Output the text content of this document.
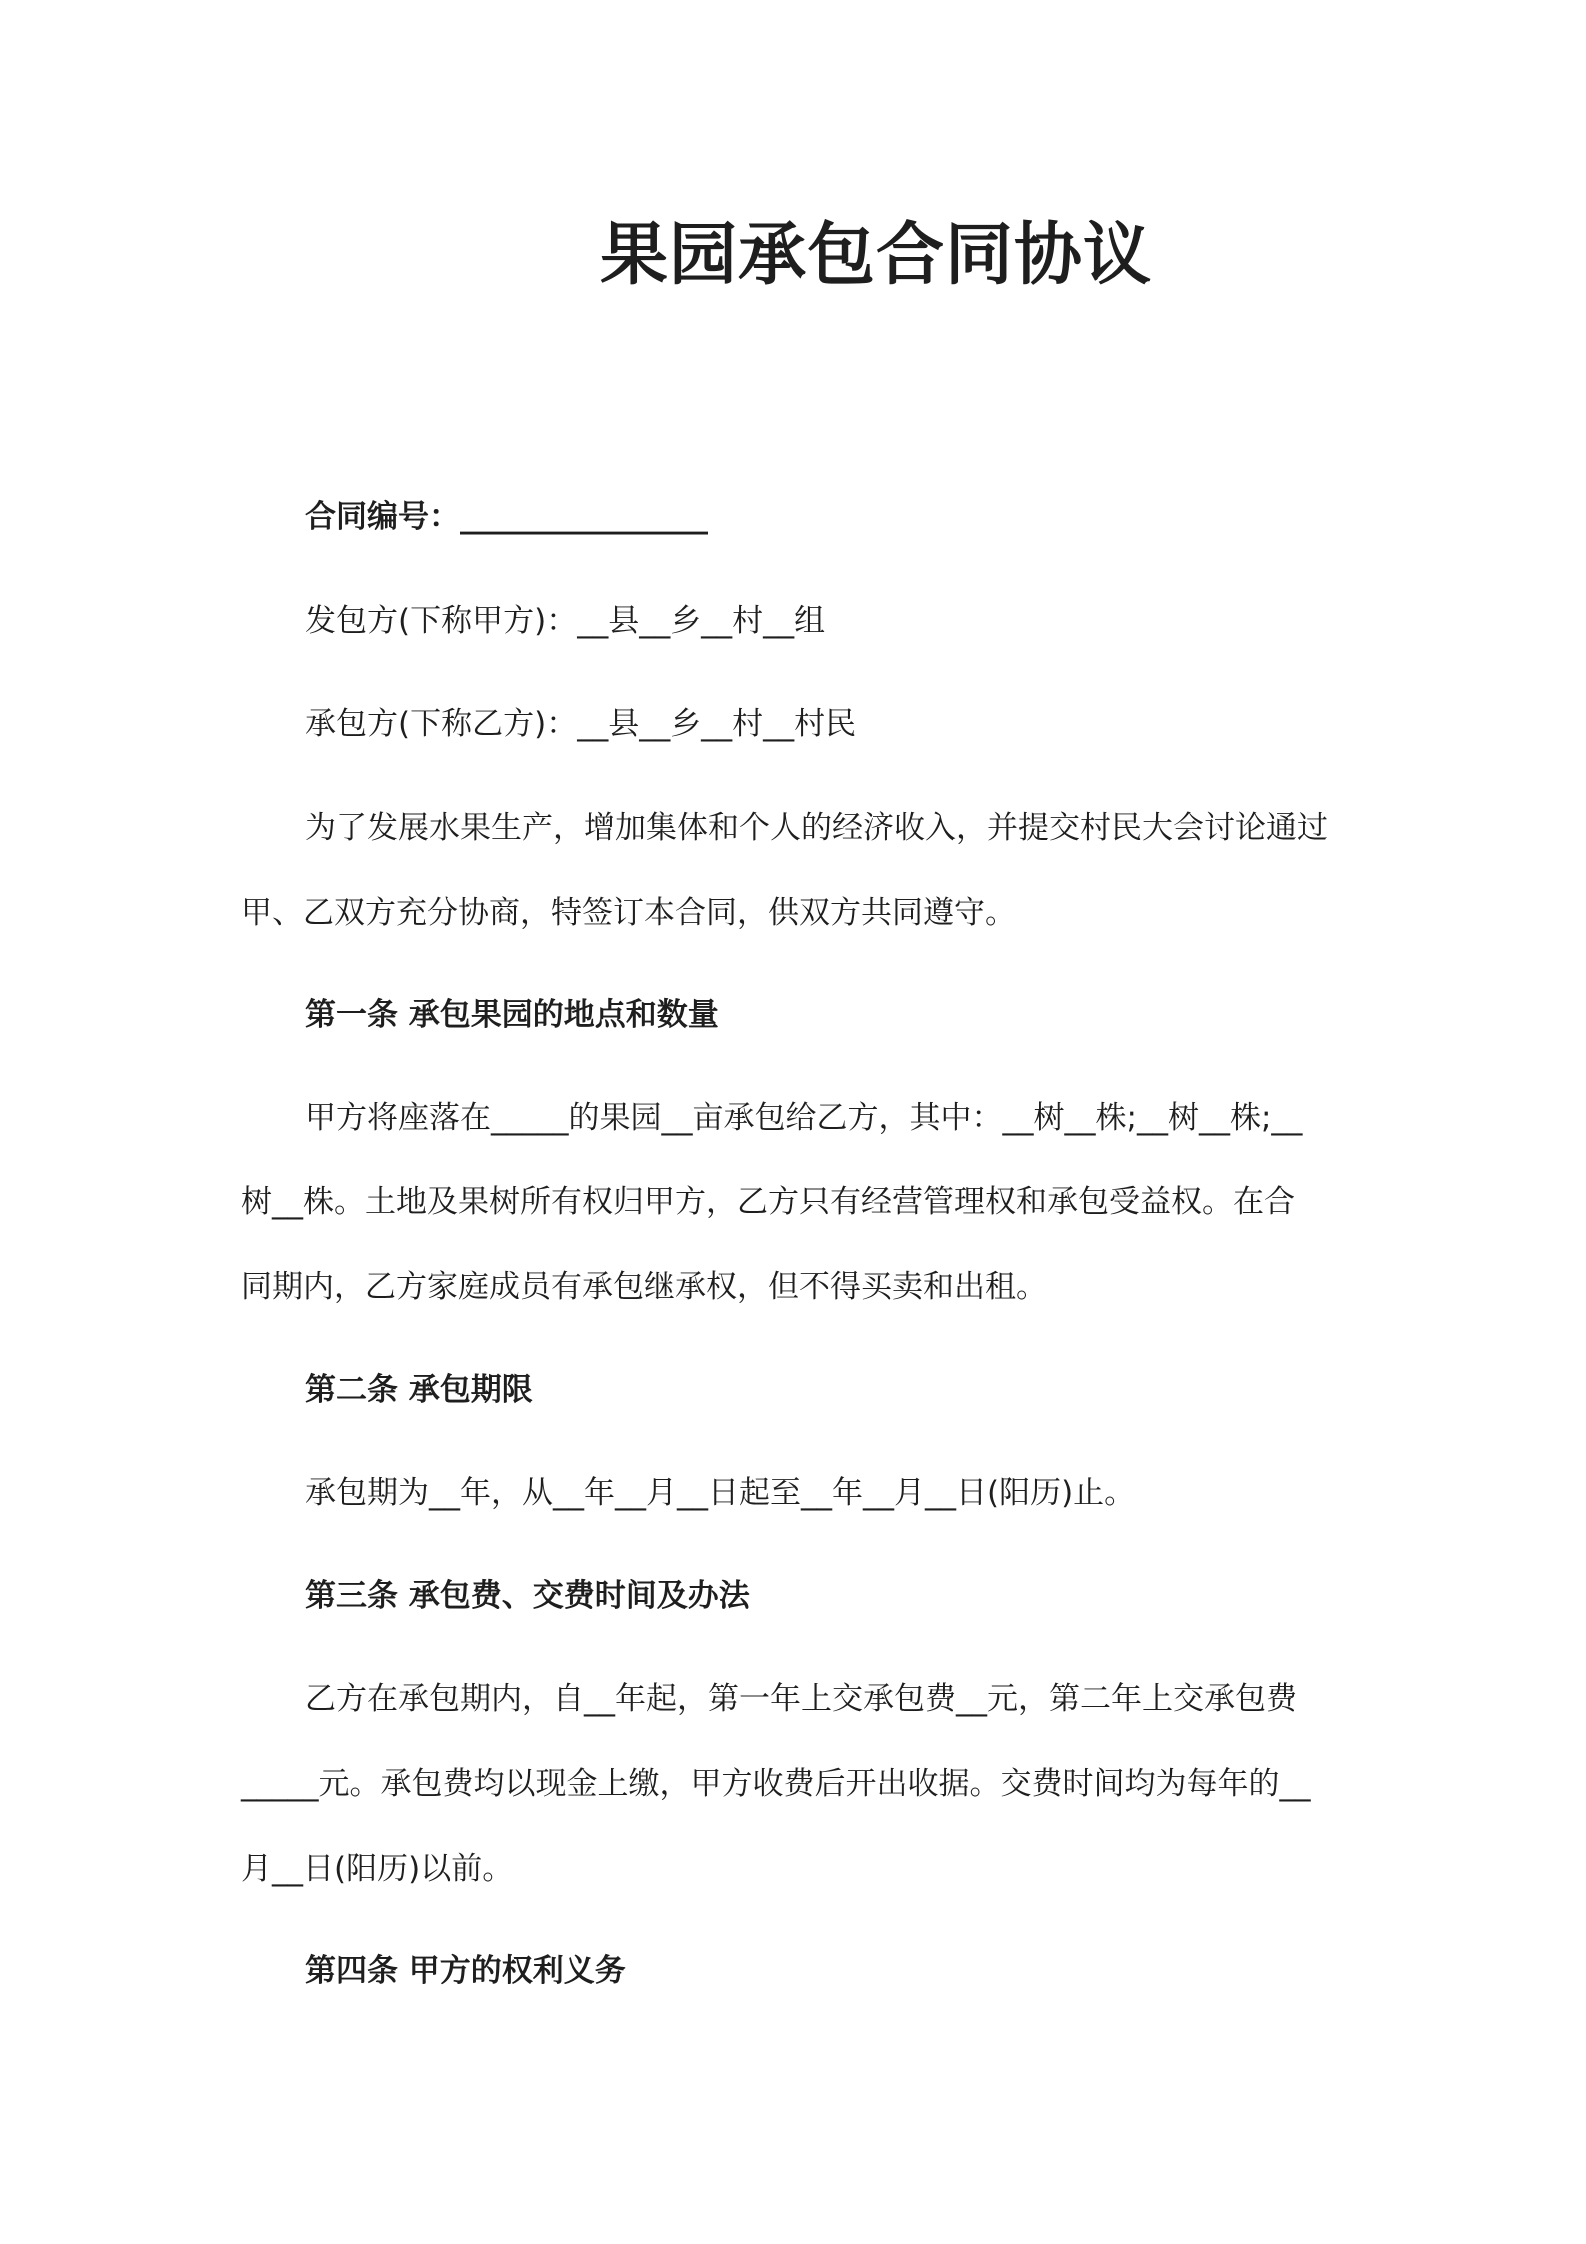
果园承包合同协议
合同编号：________________
发包方(下称甲方)：__县__乡__村__组
承包方(下称乙方)：__县__乡__村__村民
为了发展水果生产，增加集体和个人的经济收入，并提交村民大会讨论通过
甲、乙双方充分协商，特签订本合同，供双方共同遵守。
第一条 承包果园的地点和数量
甲方将座落在_____的果园__亩承包给乙方，其中：__树__株;__树__株;__
树__株。土地及果树所有权归甲方，乙方只有经营管理权和承包受益权。在合
同期内，乙方家庭成员有承包继承权，但不得买卖和出租。
第二条 承包期限
承包期为__年，从__年__月__日起至__年__月__日(阳历)止。
第三条 承包费、交费时间及办法
乙方在承包期内，自__年起，第一年上交承包费__元，第二年上交承包费
_____元。承包费均以现金上缴，甲方收费后开出收据。交费时间均为每年的__
月__日(阳历)以前。
第四条 甲方的权利义务
